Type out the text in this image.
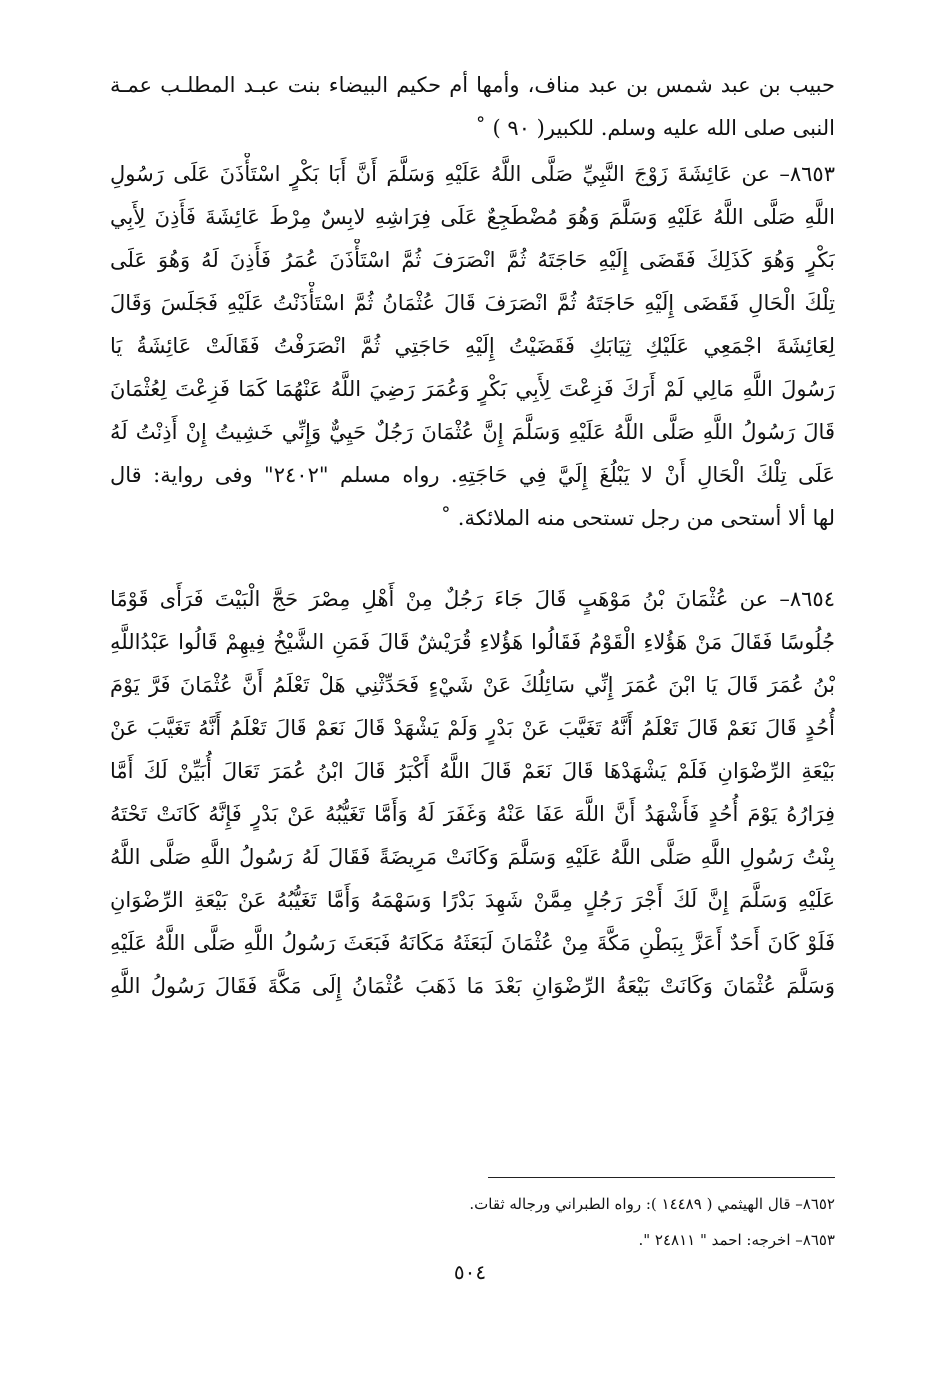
حبيب بن عبد شمس بن عبد مناف، وأمها أم حكيم البيضاء بنت عبـد المطلـب عمـة
النبى صلى الله عليه وسلم. للكبير( ٩٠ ) ˚
٨٦٥٣– عن عَائِشَةَ زَوْجَ النَّبِيِّ صَلَّى اللَّهُ عَلَيْهِ وَسَلَّمَ أَنَّ أَبَا بَكْرٍ اسْتَأْذَنَ عَلَى رَسُولِ
اللَّهِ صَلَّى اللَّهُ عَلَيْهِ وَسَلَّمَ وَهُوَ مُضْطَجِعٌ عَلَى فِرَاشِهِ لابِسٌ مِرْطَ عَائِشَةَ فَأَذِنَ لِأَبِي
بَكْرٍ وَهُوَ كَذَلِكَ فَقَضَى إِلَيْهِ حَاجَتَهُ ثُمَّ انْصَرَفَ ثُمَّ اسْتَأْذَنَ عُمَرُ فَأَذِنَ لَهُ وَهُوَ عَلَى
تِلْكَ الْحَالِ فَقَضَى إِلَيْهِ حَاجَتَهُ ثُمَّ انْصَرَفَ قَالَ عُثْمَانُ ثُمَّ اسْتَأْذَنْتُ عَلَيْهِ فَجَلَسَ وَقَالَ
لِعَائِشَةَ اجْمَعِي عَلَيْكِ ثِيَابَكِ فَقَضَيْتُ إِلَيْهِ حَاجَتِي ثُمَّ انْصَرَفْتُ فَقَالَتْ عَائِشَةُ يَا
رَسُولَ اللَّهِ مَالِي لَمْ أَرَكَ فَزِعْتَ لِأَبِي بَكْرٍ وَعُمَرَ رَضِيَ اللَّهُ عَنْهُمَا كَمَا فَزِعْتَ لِعُثْمَانَ
قَالَ رَسُولُ اللَّهِ صَلَّى اللَّهُ عَلَيْهِ وَسَلَّمَ إِنَّ عُثْمَانَ رَجُلٌ حَيِيٌّ وَإِنِّي خَشِيتُ إِنْ أَذِنْتُ لَهُ
عَلَى تِلْكَ الْحَالِ أَنْ لا يَبْلُغَ إِلَيَّ فِي حَاجَتِهِ. رواه مسلم "٢٤٠٢" وفى رواية: قال
لها ألا أستحى من رجل تستحى منه الملائكة. ˚
٨٦٥٤– عن عُثْمَانَ بْنُ مَوْهَبٍ قَالَ جَاءَ رَجُلٌ مِنْ أَهْلِ مِصْرَ حَجَّ الْبَيْتَ فَرَأَى قَوْمًا
جُلُوسًا فَقَالَ مَنْ هَؤُلاءِ الْقَوْمُ فَقَالُوا هَؤُلاءِ قُرَيْشٌ قَالَ فَمَنِ الشَّيْخُ فِيهِمْ قَالُوا عَبْدُاللَّهِ
بْنُ عُمَرَ قَالَ يَا ابْنَ عُمَرَ إِنِّي سَائِلُكَ عَنْ شَيْءٍ فَحَدِّثْنِي هَلْ تَعْلَمُ أَنَّ عُثْمَانَ فَرَّ يَوْمَ
أُحُدٍ قَالَ نَعَمْ قَالَ تَعْلَمُ أَنَّهُ تَغَيَّبَ عَنْ بَدْرٍ وَلَمْ يَشْهَدْ قَالَ نَعَمْ قَالَ تَعْلَمُ أَنَّهُ تَغَيَّبَ عَنْ
بَيْعَةِ الرِّضْوَانِ فَلَمْ يَشْهَدْهَا قَالَ نَعَمْ قَالَ اللَّهُ أَكْبَرُ قَالَ ابْنُ عُمَرَ تَعَالَ أُبَيِّنْ لَكَ أَمَّا
فِرَارُهُ يَوْمَ أُحُدٍ فَأَشْهَدُ أَنَّ اللَّهَ عَفَا عَنْهُ وَغَفَرَ لَهُ وَأَمَّا تَغَيُّبُهُ عَنْ بَدْرٍ فَإِنَّهُ كَانَتْ تَحْتَهُ
بِنْتُ رَسُولِ اللَّهِ صَلَّى اللَّهُ عَلَيْهِ وَسَلَّمَ وَكَانَتْ مَرِيضَةً فَقَالَ لَهُ رَسُولُ اللَّهِ صَلَّى اللَّهُ
عَلَيْهِ وَسَلَّمَ إِنَّ لَكَ أَجْرَ رَجُلٍ مِمَّنْ شَهِدَ بَدْرًا وَسَهْمَهُ وَأَمَّا تَغَيُّبُهُ عَنْ بَيْعَةِ الرِّضْوَانِ
فَلَوْ كَانَ أَحَدٌ أَعَزَّ بِبَطْنِ مَكَّةَ مِنْ عُثْمَانَ لَبَعَثَهُ مَكَانَهُ فَبَعَثَ رَسُولُ اللَّهِ صَلَّى اللَّهُ عَلَيْهِ
وَسَلَّمَ عُثْمَانَ وَكَانَتْ بَيْعَةُ الرِّضْوَانِ بَعْدَ مَا ذَهَبَ عُثْمَانُ إِلَى مَكَّةَ فَقَالَ رَسُولُ اللَّهِ
٨٦٥٢– قال الهيثمي ( ١٤٤٨٩ ): رواه الطبراني ورجاله ثقات.
٨٦٥٣– اخرجه: احمد " ٢٤٨١١ ".
٥٠٤
